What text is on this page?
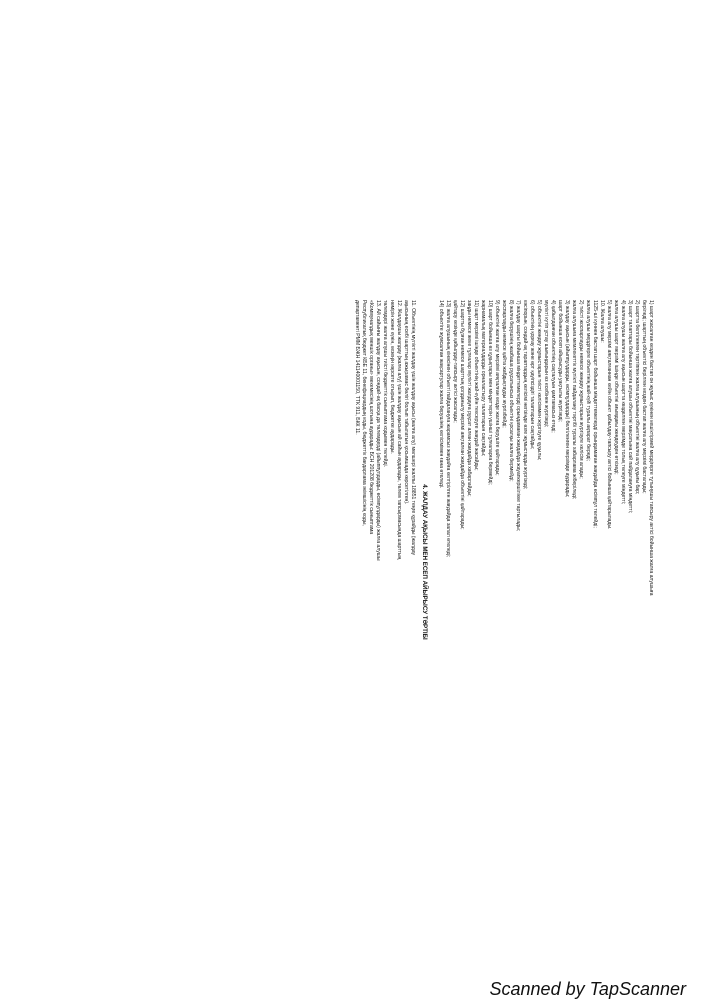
1) шарт жасалған кезден бастап он жұмыс күнінен кешіктірмей мердігерге тұтынушы тапсыру актісі бойынша жалға алушыға
беріледі; шарттың объектісі берілген кезден бастап жалға алу мерзімі басталады;
2) шартта белгіленген тәртіппен жалға алушының объектіні жалға алу құқығы бар;
3) шарт талаптары бойынша жалға алушы объектіні мақсатына сай пайдалануға міндетті;
4) жалға алушы жалға алу ақысын шартта көзделген мерзімде толық төлеуге міндетті;
жалға алушы шарт мерзімі ішінде объектіні ағымдағы жөндеуден өткізеді;
5) жалға алу мерзімі аяқталғаннан кейін объект қабылдау-тапсыру актісі бойынша қайтарылады.
10. Жалға алушы:
1125-ші күннен бастап шарт бойынша міндеттемелерді орындамаған жағдайда өсімпұл төлейді;
жалға алушы мердігерге объектінің жай-күйі туралы ақпарат береді;
2) тиісті жоспарлауды немесе жөндеу жұмыстарын жүргізуге келісім алады;
жалға алушыға мемлекеттік мүлікті пайдалану тәртібі туралы хабарлама жіберіледі;
3) жалдау ақысын (айыппұлдарды, өсімпұлдарды) белгіленген мерзімде аударады;
шарт бойынша есеп айырысуды уақтылы жүргізеді;
4) қабылданған объектінің сақталуын қамтамасыз етеді;
мүлікті күтіп ұстау шығындарын өз есебінен жүргізеді;
5) объектіні жөндеу жұмыстарын тиісті келісіммен жүргізуге құқылы;
6) объектінің қорғау және өрт қауіпсіздігі талаптарын сақтайды;
кәсіпорын, сондай-ақ тараптардың келісімі негізінде өзге жұмыстарды жүргізеді;
7) жалдау шарты бойынша міндеттемелерді орындамаған жағдайда жауапкершілікке тартылады;
8) жалға берушінің жазбаша рұқсатынсыз объектіні қосалқы жалға бермейді;
жоспарлауды немесе қайта жабдықтауды жүргізбейді;
9) объектіні жалға алу мерзімі аяқталған кезде жалға берушіге қайтарады;
10) шарт бойынша өз құқықтары мен міндеттерін үшінші тұлғаларға бермейді;
жарнамалық материалдарды орналастыру талаптарын сақтайды;
11) шарт мерзімі ішінде объектінің жай-күйін тексеруге жағдай жасайды;
заңды немесе жеке тұлғалар мүлікті жалдауға рұқсат алған жағдайда хабарлайды;
12) шартты бұзған немесе шарттың қолданылу мерзімі аяқталған жағдайда объектіні қайтарады;
қайтару кезінде қабылдау-тапсыру актісі жасалады;
13) жалға алушының кінәсінен объекті пайдалануға жарамсыз жағдайға келтірілген жағдайда залал өтеледі;
14) объектіге жұмсалған жақсартулар жалға берушінің келісімімен ғана өтеледі.
4. ЖАЛДАУ АҚЫСЫ МЕН ЕСЕП АЙЫРЫСУ ТӘРТІБІ
11. Объектінің мүлікті жалдау үшін жалдау ақысы (жалға алу) мөлшері жалпы 18851 теңге құрайды (жалдау
ақысының есебі шарттың ажырамас бөлігі болып табылатын қосымшада көрсетілген).
12. Жалдаушы жалдау (жалға алу) үшін жалдау ақысын ай сайын аударады, төлем тапсырмасында шарттың
нөмірін және күнін, кезеңін көрсете отырып, бюджетке аударады.
төлемдері жалға алушы тиісті бюджеттік сыныптама кодымен төлейді.
13. Ай сайынғы жалдау ақысын, сондай-ақ басқа да төлемдерді (айыппұлдарды, өсімпұлдарды) жалға алушы
«Коммуналдық меншік органы» мекемесінің шотына аударады: БСН 201208 бюджеттік сыныптама
Республикалық бюджет КБЕ 11, бенефициардың коды, бюджеттік бағдарлама әкімшісінің коды,
департаменті РММ БЖН 141140001150, ТТК 911, БКК 11.
Scanned by TapScanner
